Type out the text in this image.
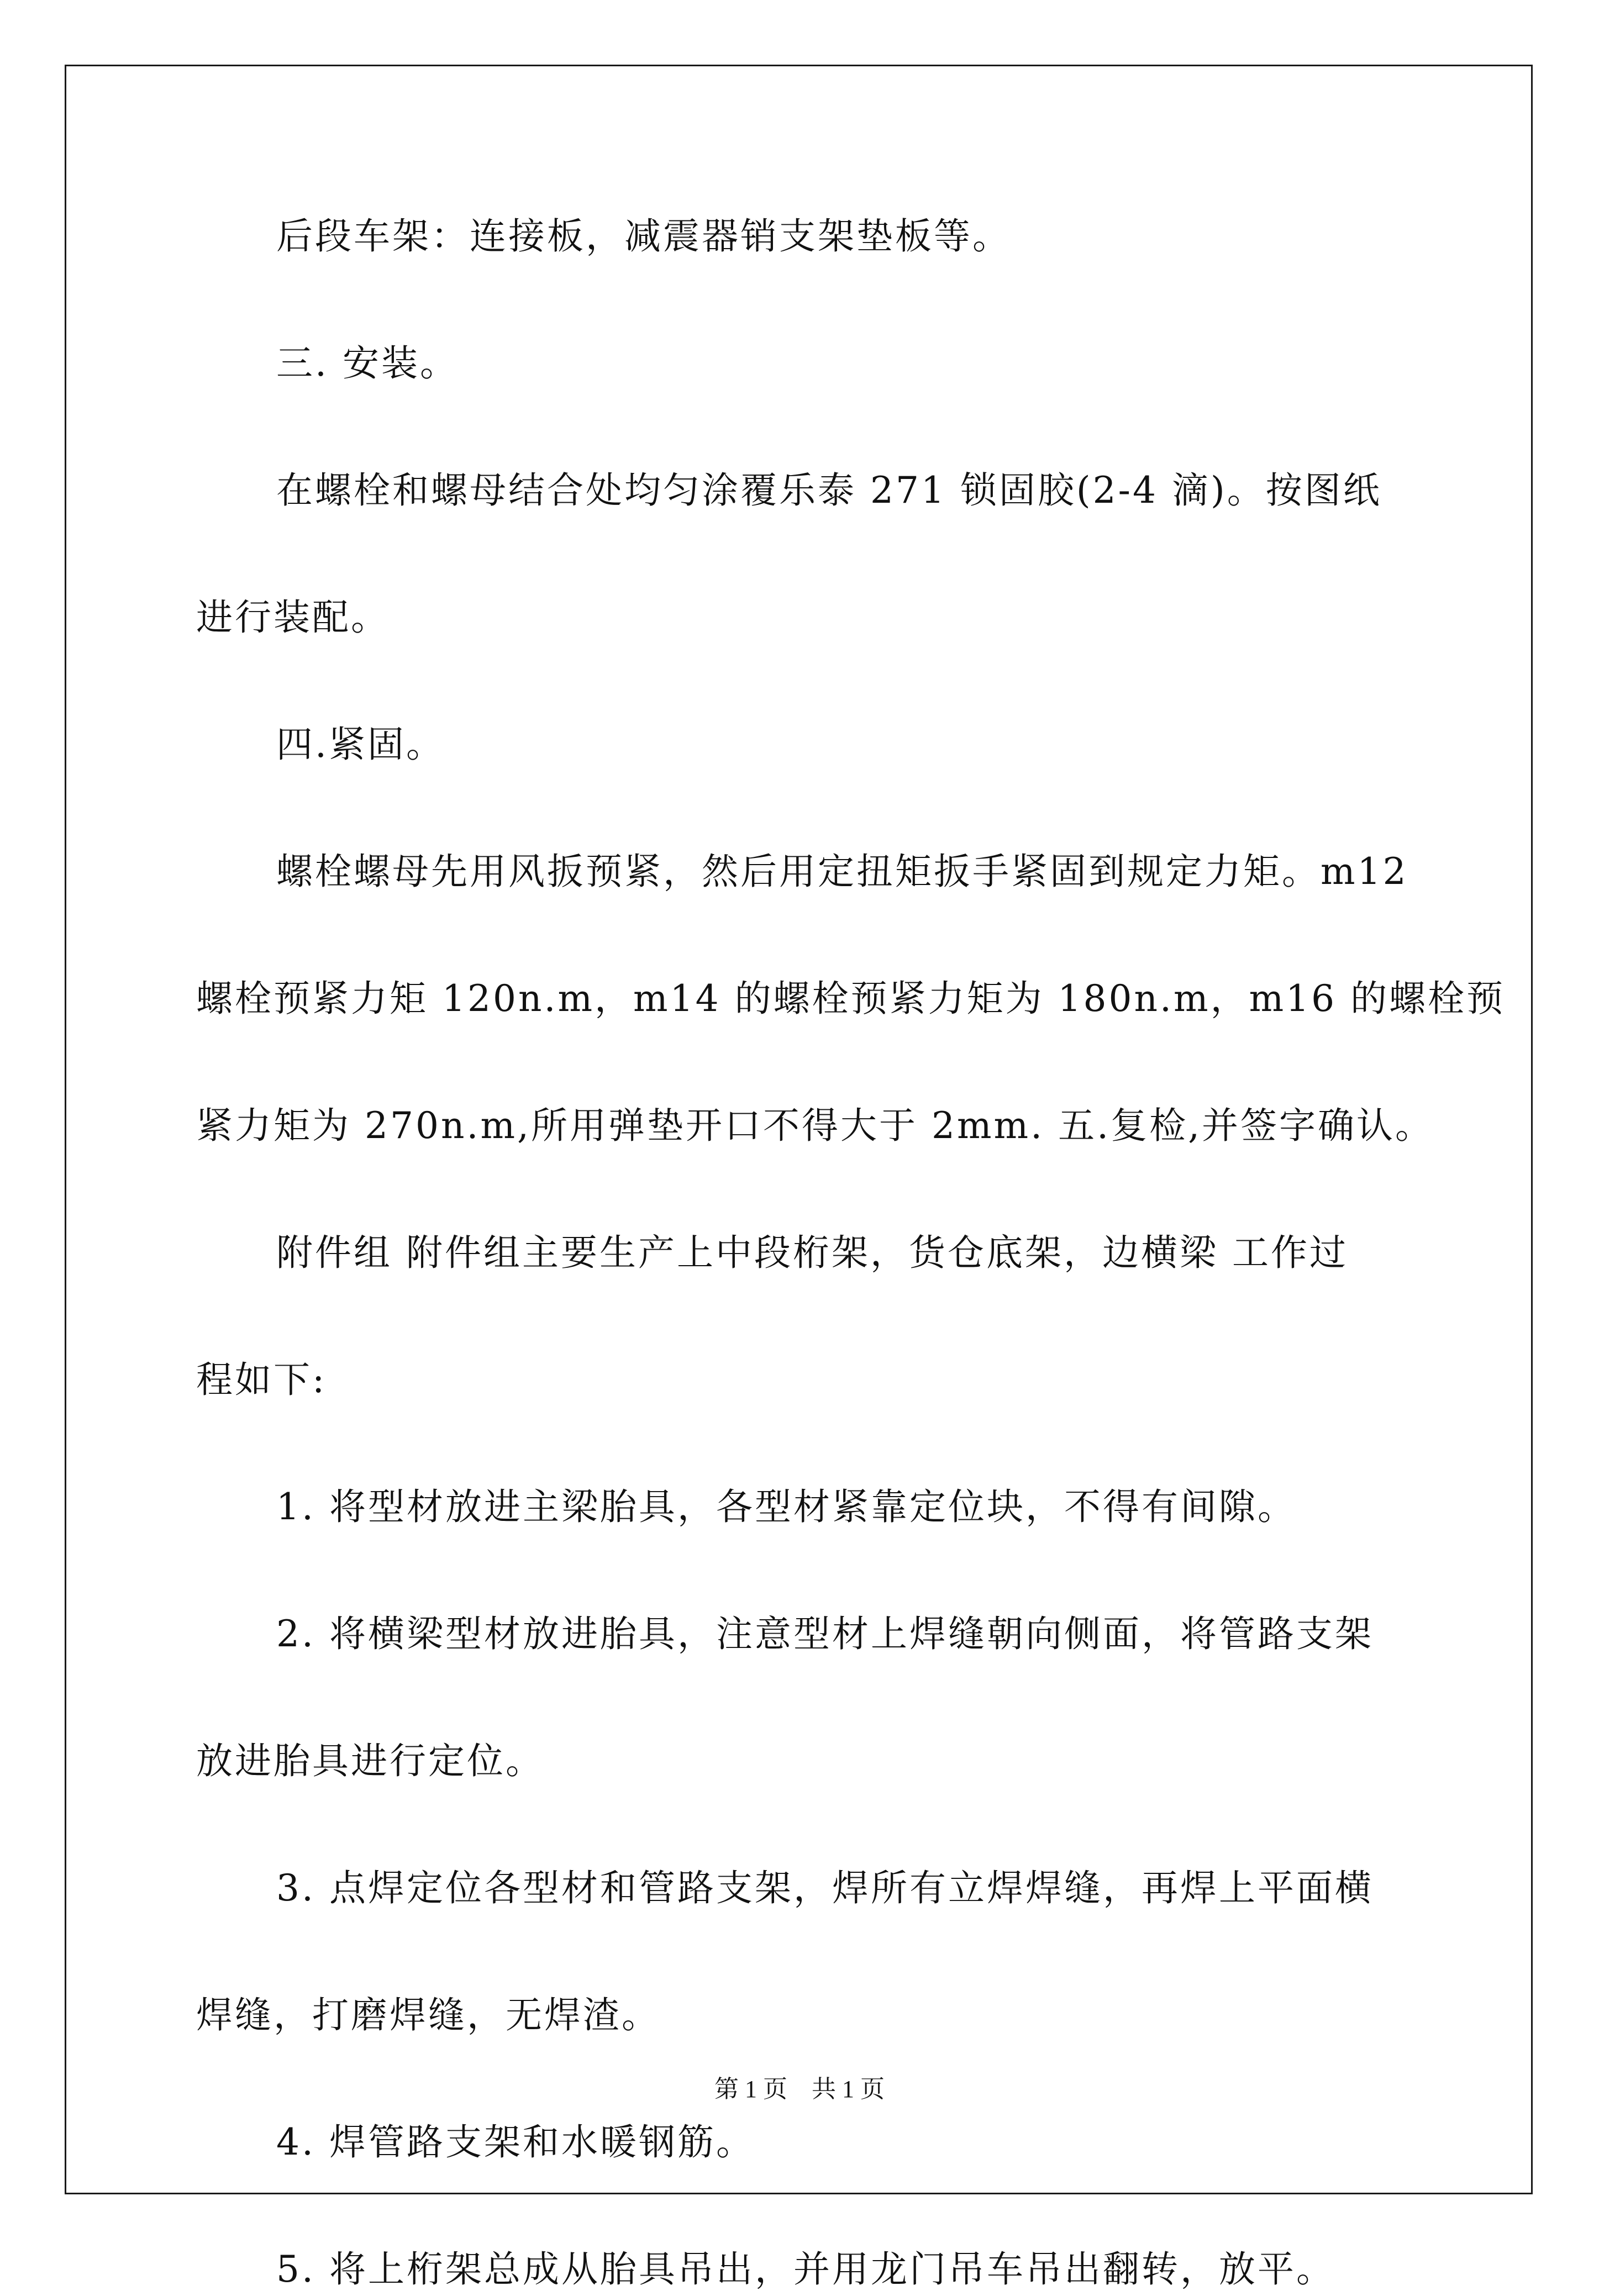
后段车架：连接板，减震器销支架垫板等。

三. 安装。

在螺栓和螺母结合处均匀涂覆乐泰 271 锁固胶(2-4 滴)。按图纸

进行装配。

四.紧固。

螺栓螺母先用风扳预紧，然后用定扭矩扳手紧固到规定力矩。m12

螺栓预紧力矩 120n.m，m14 的螺栓预紧力矩为 180n.m，m16 的螺栓预

紧力矩为 270n.m,所用弹垫开口不得大于 2mm. 五.复检,并签字确认。

附件组 附件组主要生产上中段桁架，货仓底架，边横梁 工作过

程如下:

1. 将型材放进主梁胎具，各型材紧靠定位块，不得有间隙。

2. 将横梁型材放进胎具，注意型材上焊缝朝向侧面，将管路支架

放进胎具进行定位。

3. 点焊定位各型材和管路支架，焊所有立焊焊缝，再焊上平面横

焊缝，打磨焊缝，无焊渣。

4. 焊管路支架和水暖钢筋。

5. 将上桁架总成从胎具吊出，并用龙门吊车吊出翻转，放平。

第 1 页 共 1 页
